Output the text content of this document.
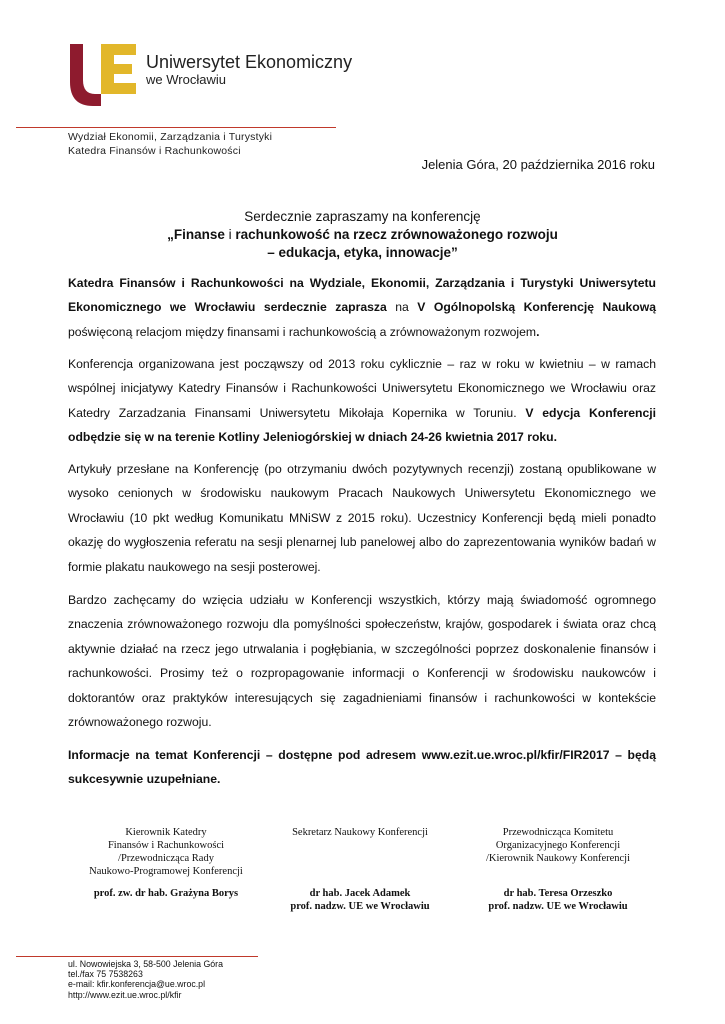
Uniwersytet Ekonomiczny
we Wrocławiu
Wydział Ekonomii, Zarządzania i Turystyki
Katedra Finansów i Rachunkowości
Jelenia Góra, 20 października 2016 roku
Serdecznie zapraszamy na konferencję
„Finanse i rachunkowość na rzecz zrównoważonego rozwoju
– edukacja, etyka, innowacje”
Katedra Finansów i Rachunkowości na Wydziale, Ekonomii, Zarządzania i Turystyki Uniwersytetu Ekonomicznego we Wrocławiu serdecznie zaprasza na V Ogólnopolską Konferencję Naukową poświęconą relacjom między finansami i rachunkowością a zrównoważonym rozwojem.
Konferencja organizowana jest począwszy od 2013 roku cyklicznie – raz w roku w kwietniu – w ramach wspólnej inicjatywy Katedry Finansów i Rachunkowości Uniwersytetu Ekonomicznego we Wrocławiu oraz Katedry Zarzadzania Finansami Uniwersytetu Mikołaja Kopernika w Toruniu. V edycja Konferencji odbędzie się w na terenie Kotliny Jeleniogórskiej w dniach 24-26 kwietnia 2017 roku.
Artykuły przesłane na Konferencję (po otrzymaniu dwóch pozytywnych recenzji) zostaną opublikowane w wysoko cenionych w środowisku naukowym Pracach Naukowych Uniwersytetu Ekonomicznego we Wrocławiu (10 pkt według Komunikatu MNiSW z 2015 roku). Uczestnicy Konferencji będą mieli ponadto okazję do wygłoszenia referatu na sesji plenarnej lub panelowej albo do zaprezentowania wyników badań w formie plakatu naukowego na sesji posterowej.
Bardzo zachęcamy do wzięcia udziału w Konferencji wszystkich, którzy mają świadomość ogromnego znaczenia zrównoważonego rozwoju dla pomyślności społeczeństw, krajów, gospodarek i świata oraz chcą aktywnie działać na rzecz jego utrwalania i pogłębiania, w szczególności poprzez doskonalenie finansów i rachunkowości. Prosimy też o rozpropagowanie informacji o Konferencji w środowisku naukowców i doktorantów oraz praktyków interesujących się zagadnieniami finansów i rachunkowości w kontekście zrównoważonego rozwoju.
Informacje na temat Konferencji – dostępne pod adresem www.ezit.ue.wroc.pl/kfir/FIR2017 – będą sukcesywnie uzupełniane.
Kierownik Katedry
Finansów i Rachunkowości
/Przewodnicząca Rady
Naukowo-Programowej Konferencji
prof. zw. dr hab. Grażyna Borys
Sekretarz Naukowy Konferencji
dr hab. Jacek Adamek
prof. nadzw. UE we Wrocławiu
Przewodnicząca Komitetu
Organizacyjnego Konferencji
/Kierownik Naukowy Konferencji
dr hab. Teresa Orzeszko
prof. nadzw. UE we Wrocławiu
ul. Nowowiejska 3, 58-500 Jelenia Góra
tel./fax 75 7538263
e-mail: kfir.konferencja@ue.wroc.pl
http://www.ezit.ue.wroc.pl/kfir
